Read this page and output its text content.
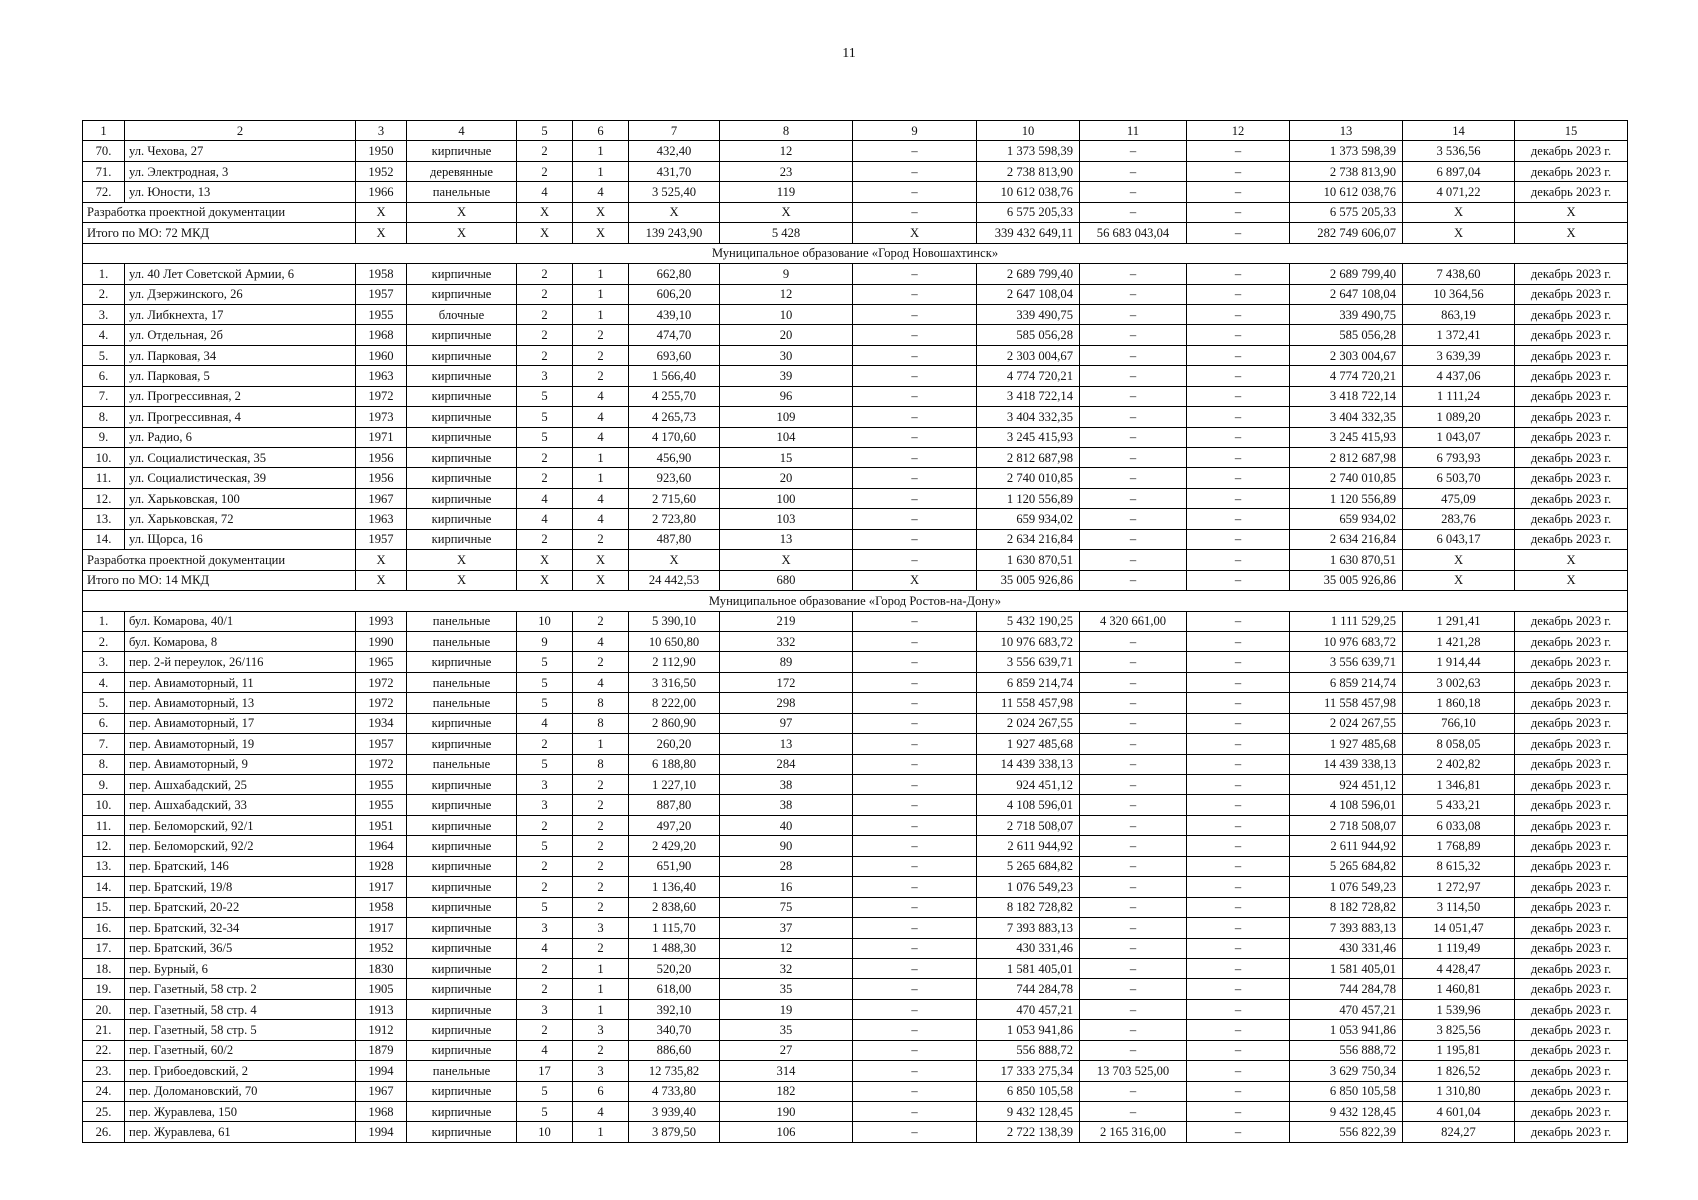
11
1	2	3	4	5	6	7	8	9	10	11	12	13	14	15
70.	ул. Чехова, 27	1950	кирпичные	2	1	432,40	12	–	1 373 598,39	–	–	1 373 598,39	3 536,56	декабрь 2023 г.
71.	ул. Электродная, 3	1952	деревянные	2	1	431,70	23	–	2 738 813,90	–	–	2 738 813,90	6 897,04	декабрь 2023 г.
72.	ул. Юности, 13	1966	панельные	4	4	3 525,40	119	–	10 612 038,76	–	–	10 612 038,76	4 071,22	декабрь 2023 г.
Разработка проектной документации		X	X	X	X	X	X	–	6 575 205,33	–	–	6 575 205,33	X	X
Итого по МО: 72 МКД		X	X	X	X	139 243,90	5 428	X	339 432 649,11	56 683 043,04	–	282 749 606,07	X	X
Муниципальное образование «Город Новошахтинск»														
1.	ул. 40 Лет Советской Армии, 6	1958	кирпичные	2	1	662,80	9	–	2 689 799,40	–	–	2 689 799,40	7 438,60	декабрь 2023 г.
2.	ул. Дзержинского, 26	1957	кирпичные	2	1	606,20	12	–	2 647 108,04	–	–	2 647 108,04	10 364,56	декабрь 2023 г.
3.	ул. Либкнехта, 17	1955	блочные	2	1	439,10	10	–	339 490,75	–	–	339 490,75	863,19	декабрь 2023 г.
4.	ул. Отдельная, 2б	1968	кирпичные	2	2	474,70	20	–	585 056,28	–	–	585 056,28	1 372,41	декабрь 2023 г.
5.	ул. Парковая, 34	1960	кирпичные	2	2	693,60	30	–	2 303 004,67	–	–	2 303 004,67	3 639,39	декабрь 2023 г.
6.	ул. Парковая, 5	1963	кирпичные	3	2	1 566,40	39	–	4 774 720,21	–	–	4 774 720,21	4 437,06	декабрь 2023 г.
7.	ул. Прогрессивная, 2	1972	кирпичные	5	4	4 255,70	96	–	3 418 722,14	–	–	3 418 722,14	1 111,24	декабрь 2023 г.
8.	ул. Прогрессивная, 4	1973	кирпичные	5	4	4 265,73	109	–	3 404 332,35	–	–	3 404 332,35	1 089,20	декабрь 2023 г.
9.	ул. Радио, 6	1971	кирпичные	5	4	4 170,60	104	–	3 245 415,93	–	–	3 245 415,93	1 043,07	декабрь 2023 г.
10.	ул. Социалистическая, 35	1956	кирпичные	2	1	456,90	15	–	2 812 687,98	–	–	2 812 687,98	6 793,93	декабрь 2023 г.
11.	ул. Социалистическая, 39	1956	кирпичные	2	1	923,60	20	–	2 740 010,85	–	–	2 740 010,85	6 503,70	декабрь 2023 г.
12.	ул. Харьковская, 100	1967	кирпичные	4	4	2 715,60	100	–	1 120 556,89	–	–	1 120 556,89	475,09	декабрь 2023 г.
13.	ул. Харьковская, 72	1963	кирпичные	4	4	2 723,80	103	–	659 934,02	–	–	659 934,02	283,76	декабрь 2023 г.
14.	ул. Щорса, 16	1957	кирпичные	2	2	487,80	13	–	2 634 216,84	–	–	2 634 216,84	6 043,17	декабрь 2023 г.
Разработка проектной документации		X	X	X	X	X	X	–	1 630 870,51	–	–	1 630 870,51	X	X
Итого по МО: 14 МКД		X	X	X	X	24 442,53	680	X	35 005 926,86	–	–	35 005 926,86	X	X
Муниципальное образование «Город Ростов-на-Дону»														
1.	бул. Комарова, 40/1	1993	панельные	10	2	5 390,10	219	–	5 432 190,25	4 320 661,00	–	1 111 529,25	1 291,41	декабрь 2023 г.
2.	бул. Комарова, 8	1990	панельные	9	4	10 650,80	332	–	10 976 683,72	–	–	10 976 683,72	1 421,28	декабрь 2023 г.
3.	пер. 2-й переулок, 26/116	1965	кирпичные	5	2	2 112,90	89	–	3 556 639,71	–	–	3 556 639,71	1 914,44	декабрь 2023 г.
4.	пер. Авиамоторный, 11	1972	панельные	5	4	3 316,50	172	–	6 859 214,74	–	–	6 859 214,74	3 002,63	декабрь 2023 г.
5.	пер. Авиамоторный, 13	1972	панельные	5	8	8 222,00	298	–	11 558 457,98	–	–	11 558 457,98	1 860,18	декабрь 2023 г.
6.	пер. Авиамоторный, 17	1934	кирпичные	4	8	2 860,90	97	–	2 024 267,55	–	–	2 024 267,55	766,10	декабрь 2023 г.
7.	пер. Авиамоторный, 19	1957	кирпичные	2	1	260,20	13	–	1 927 485,68	–	–	1 927 485,68	8 058,05	декабрь 2023 г.
8.	пер. Авиамоторный, 9	1972	панельные	5	8	6 188,80	284	–	14 439 338,13	–	–	14 439 338,13	2 402,82	декабрь 2023 г.
9.	пер. Ашхабадский, 25	1955	кирпичные	3	2	1 227,10	38	–	924 451,12	–	–	924 451,12	1 346,81	декабрь 2023 г.
10.	пер. Ашхабадский, 33	1955	кирпичные	3	2	887,80	38	–	4 108 596,01	–	–	4 108 596,01	5 433,21	декабрь 2023 г.
11.	пер. Беломорский, 92/1	1951	кирпичные	2	2	497,20	40	–	2 718 508,07	–	–	2 718 508,07	6 033,08	декабрь 2023 г.
12.	пер. Беломорский, 92/2	1964	кирпичные	5	2	2 429,20	90	–	2 611 944,92	–	–	2 611 944,92	1 768,89	декабрь 2023 г.
13.	пер. Братский, 146	1928	кирпичные	2	2	651,90	28	–	5 265 684,82	–	–	5 265 684,82	8 615,32	декабрь 2023 г.
14.	пер. Братский, 19/8	1917	кирпичные	2	2	1 136,40	16	–	1 076 549,23	–	–	1 076 549,23	1 272,97	декабрь 2023 г.
15.	пер. Братский, 20-22	1958	кирпичные	5	2	2 838,60	75	–	8 182 728,82	–	–	8 182 728,82	3 114,50	декабрь 2023 г.
16.	пер. Братский, 32-34	1917	кирпичные	3	3	1 115,70	37	–	7 393 883,13	–	–	7 393 883,13	14 051,47	декабрь 2023 г.
17.	пер. Братский, 36/5	1952	кирпичные	4	2	1 488,30	12	–	430 331,46	–	–	430 331,46	1 119,49	декабрь 2023 г.
18.	пер. Бурный, 6	1830	кирпичные	2	1	520,20	32	–	1 581 405,01	–	–	1 581 405,01	4 428,47	декабрь 2023 г.
19.	пер. Газетный, 58 стр. 2	1905	кирпичные	2	1	618,00	35	–	744 284,78	–	–	744 284,78	1 460,81	декабрь 2023 г.
20.	пер. Газетный, 58 стр. 4	1913	кирпичные	3	1	392,10	19	–	470 457,21	–	–	470 457,21	1 539,96	декабрь 2023 г.
21.	пер. Газетный, 58 стр. 5	1912	кирпичные	2	3	340,70	35	–	1 053 941,86	–	–	1 053 941,86	3 825,56	декабрь 2023 г.
22.	пер. Газетный, 60/2	1879	кирпичные	4	2	886,60	27	–	556 888,72	–	–	556 888,72	1 195,81	декабрь 2023 г.
23.	пер. Грибоедовский, 2	1994	панельные	17	3	12 735,82	314	–	17 333 275,34	13 703 525,00	–	3 629 750,34	1 826,52	декабрь 2023 г.
24.	пер. Доломановский, 70	1967	кирпичные	5	6	4 733,80	182	–	6 850 105,58	–	–	6 850 105,58	1 310,80	декабрь 2023 г.
25.	пер. Журавлева, 150	1968	кирпичные	5	4	3 939,40	190	–	9 432 128,45	–	–	9 432 128,45	4 601,04	декабрь 2023 г.
26.	пер. Журавлева, 61	1994	кирпичные	10	1	3 879,50	106	–	2 722 138,39	2 165 316,00	–	556 822,39	824,27	декабрь 2023 г.
